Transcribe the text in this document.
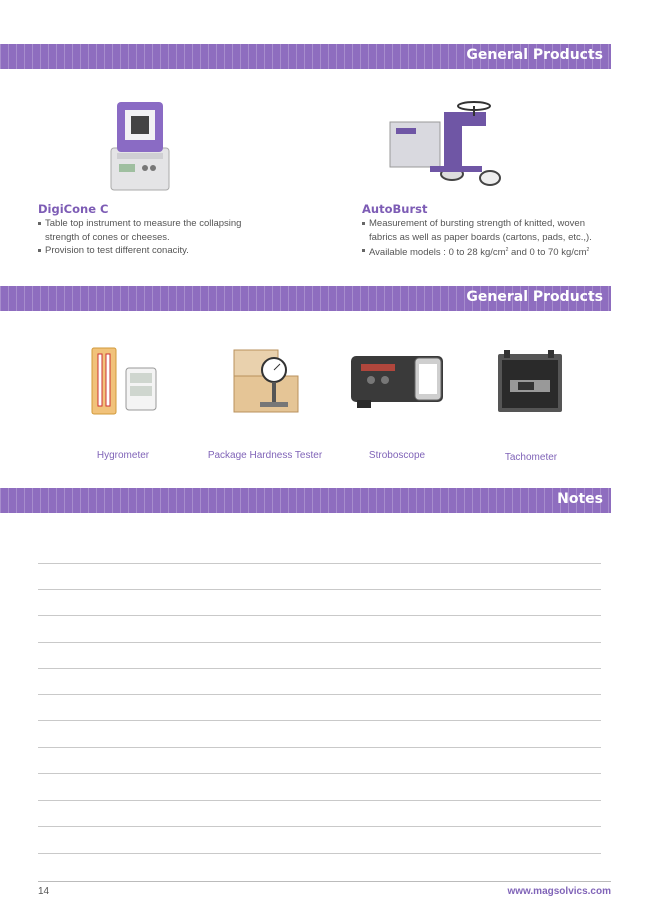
General Products
DigiCone C
Table top instrument to measure the collapsing strength of cones or cheeses.
Provision to test different conacity.
AutoBurst
Measurement of bursting strength of knitted, woven fabrics as well as paper boards (cartons, pads, etc.,).
Available models : 0 to 28 $kg/cm^2$ and 0 to 70 $kg/cm^2$
General Products
Hygrometer	Package Hardness Tester	Stroboscope	Tachometer
Notes
14	www.magsolvics.com
